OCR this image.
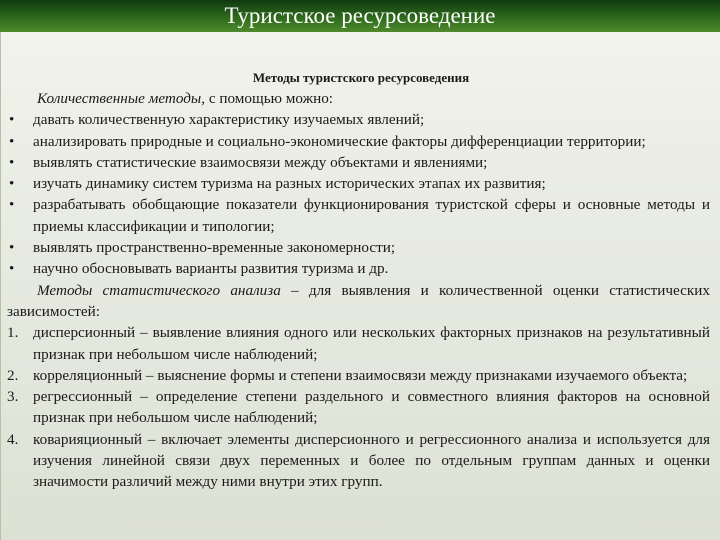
Туристское ресурсоведение
Методы туристского ресурсоведения
Количественные методы, с помощью можно:
• давать количественную характеристику изучаемых явлений;
• анализировать природные и социально-экономические факторы дифференциации территории;
• выявлять статистические взаимосвязи между объектами и явлениями;
• изучать динамику систем туризма на разных исторических этапах их развития;
• разрабатывать обобщающие показатели функционирования туристской сферы и основные методы и приемы классификации и типологии;
• выявлять пространственно-временные закономерности;
• научно обосновывать варианты развития туризма и др.
Методы статистического анализа – для выявления и количественной оценки статистических зависимостей:
1. дисперсионный – выявление влияния одного или нескольких факторных признаков на результативный признак при небольшом числе наблюдений;
2. корреляционный – выяснение формы и степени взаимосвязи между признаками изучаемого объекта;
3. регрессионный – определение степени раздельного и совместного влияния факторов на основной признак при небольшом числе наблюдений;
4. коварияционный – включает элементы дисперсионного и регрессионного анализа и используется для изучения линейной связи двух переменных и более по отдельным группам данных и оценки значимости различий между ними внутри этих групп.
